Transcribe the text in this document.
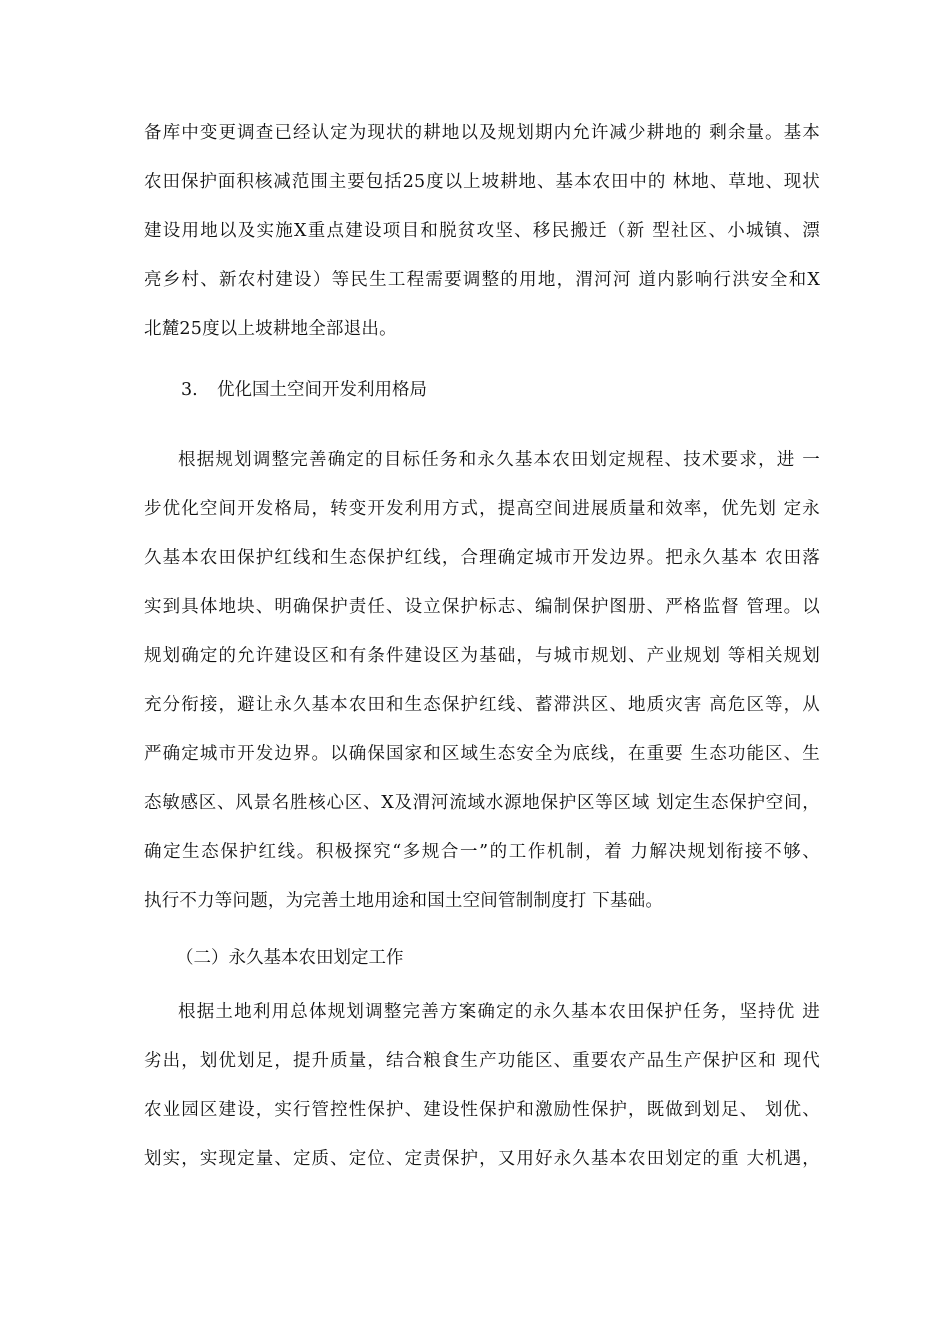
备库中变更调查已经认定为现状的耕地以及规划期内允许减少耕地的 剩余量。基本

农田保护面积核减范围主要包括25度以上坡耕地、基本农田中的 林地、草地、现状

建设用地以及实施X重点建设项目和脱贫攻坚、移民搬迁（新 型社区、小城镇、漂

亮乡村、新农村建设）等民生工程需要调整的用地，渭河河 道内影响行洪安全和X

北麓25度以上坡耕地全部退出。

3. 优化国土空间开发利用格局

根据规划调整完善确定的目标任务和永久基本农田划定规程、技术要求，进 一

步优化空间开发格局，转变开发利用方式，提高空间进展质量和效率，优先划 定永

久基本农田保护红线和生态保护红线，合理确定城市开发边界。把永久基本 农田落

实到具体地块、明确保护责任、设立保护标志、编制保护图册、严格监督 管理。以

规划确定的允许建设区和有条件建设区为基础，与城市规划、产业规划 等相关规划

充分衔接，避让永久基本农田和生态保护红线、蓄滞洪区、地质灾害 高危区等，从

严确定城市开发边界。以确保国家和区域生态安全为底线，在重要 生态功能区、生

态敏感区、风景名胜核心区、X及渭河流域水源地保护区等区域 划定生态保护空间，

确定生态保护红线。积极探究“多规合一”的工作机制，着 力解决规划衔接不够、

执行不力等问题，为完善土地用途和国土空间管制制度打 下基础。

（二）永久基本农田划定工作

根据土地利用总体规划调整完善方案确定的永久基本农田保护任务，坚持优 进

劣出，划优划足，提升质量，结合粮食生产功能区、重要农产品生产保护区和 现代

农业园区建设，实行管控性保护、建设性保护和激励性保护，既做到划足、 划优、

划实，实现定量、定质、定位、定责保护，又用好永久基本农田划定的重 大机遇，
